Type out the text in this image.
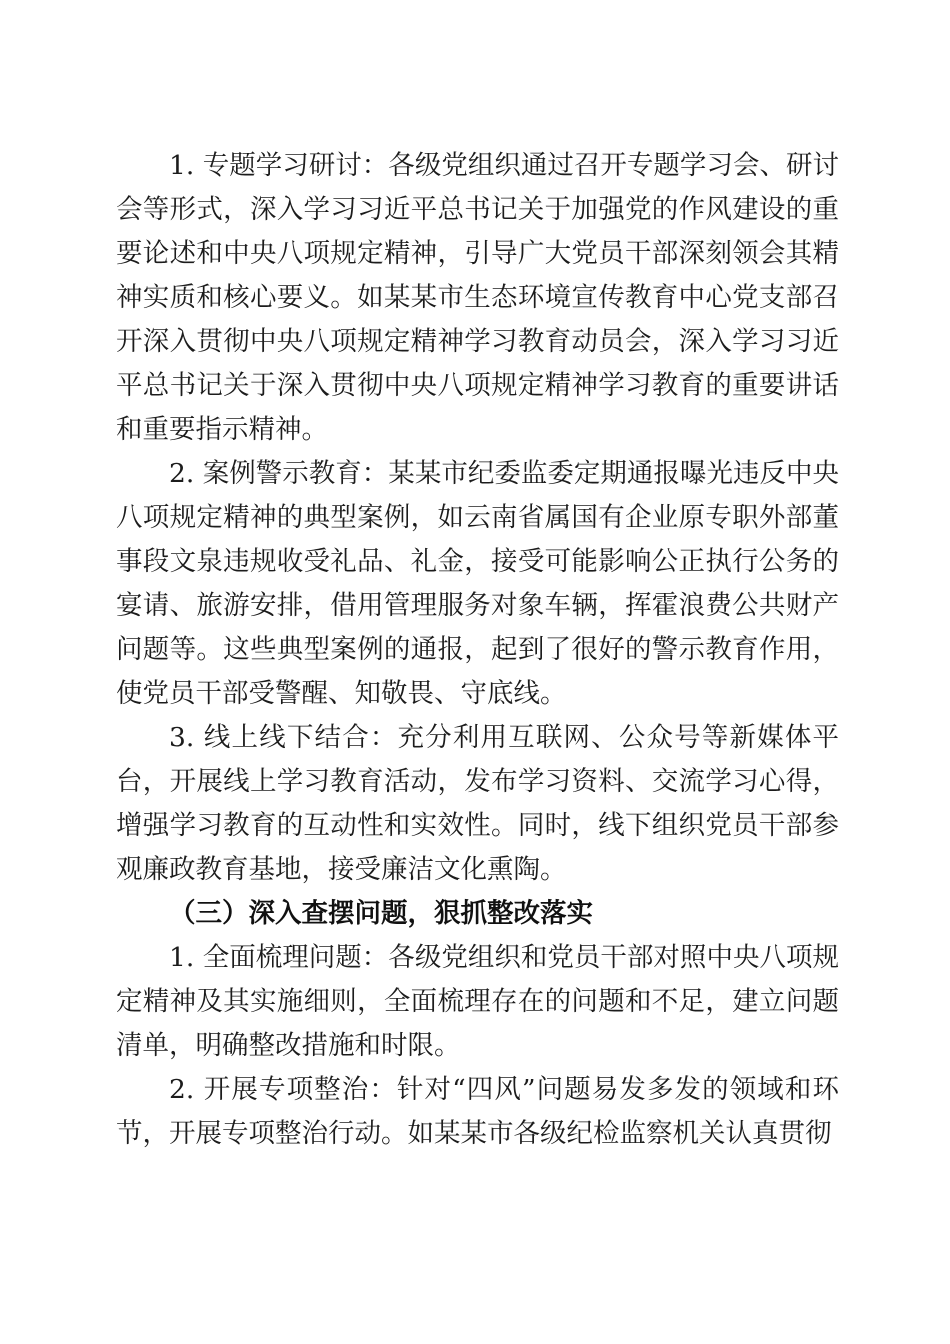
1. 专题学习研讨：各级党组织通过召开专题学习会、研讨会等形式，深入学习习近平总书记关于加强党的作风建设的重要论述和中央八项规定精神，引导广大党员干部深刻领会其精神实质和核心要义。如某某市生态环境宣传教育中心党支部召开深入贯彻中央八项规定精神学习教育动员会，深入学习习近平总书记关于深入贯彻中央八项规定精神学习教育的重要讲话和重要指示精神。

2. 案例警示教育：某某市纪委监委定期通报曝光违反中央八项规定精神的典型案例，如云南省属国有企业原专职外部董事段文泉违规收受礼品、礼金，接受可能影响公正执行公务的宴请、旅游安排，借用管理服务对象车辆，挥霍浪费公共财产问题等。这些典型案例的通报，起到了很好的警示教育作用，使党员干部受警醒、知敬畏、守底线。

3. 线上线下结合：充分利用互联网、公众号等新媒体平台，开展线上学习教育活动，发布学习资料、交流学习心得，增强学习教育的互动性和实效性。同时，线下组织党员干部参观廉政教育基地，接受廉洁文化熏陶。

（三）深入查摆问题，狠抓整改落实

1. 全面梳理问题：各级党组织和党员干部对照中央八项规定精神及其实施细则，全面梳理存在的问题和不足，建立问题清单，明确整改措施和时限。

2. 开展专项整治：针对“四风”问题易发多发的领域和环节，开展专项整治行动。如某某市各级纪检监察机关认真贯彻
